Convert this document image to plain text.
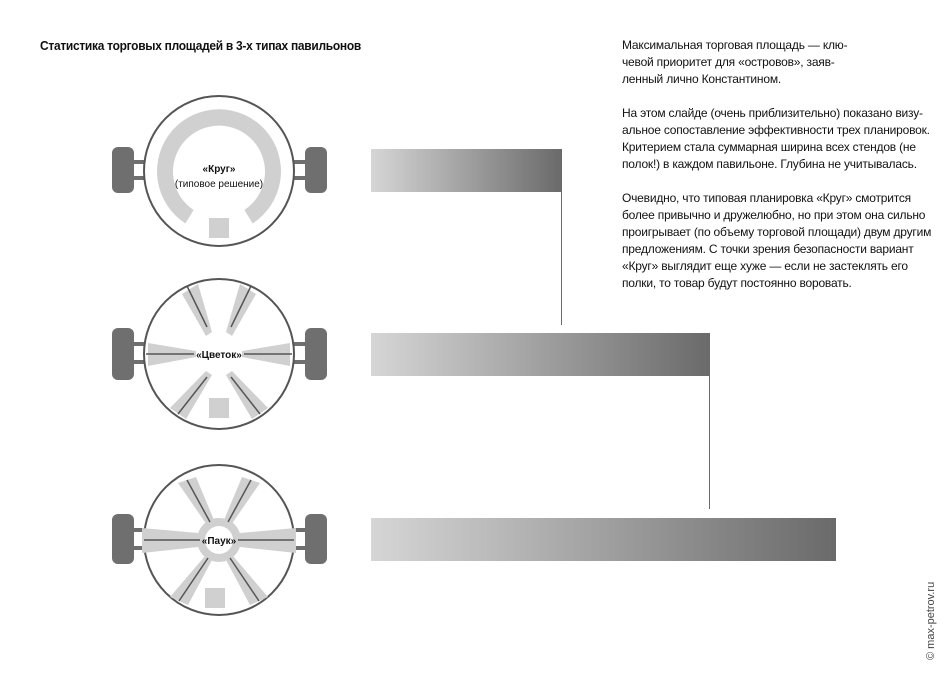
Статистика торговых площадей в 3-х типах павильонов	Максимальная торговая площадь — клю-
чевой приоритет для «островов», заяв-
ленный лично Константином.

На этом слайде (очень приблизительно) показано визу-
альное сопоставление эффективности трех планировок.
Критерием стала суммарная ширина всех стендов (не
полок!) в каждом павильоне. Глубина не учитывалась.

Очевидно, что типовая планировка «Круг» смотрится
более привычно и дружелюбно, но при этом она сильно
проигрывает (по объему торговой площади) двум другим
предложениям. С точки зрения безопасности вариант
«Круг» выглядит еще хуже — если не застеклять его
полки, то товар будут постоянно воровать.

«Круг»
(типовое решение)
«Цветок»
«Паук»
© max-petrov.ru
